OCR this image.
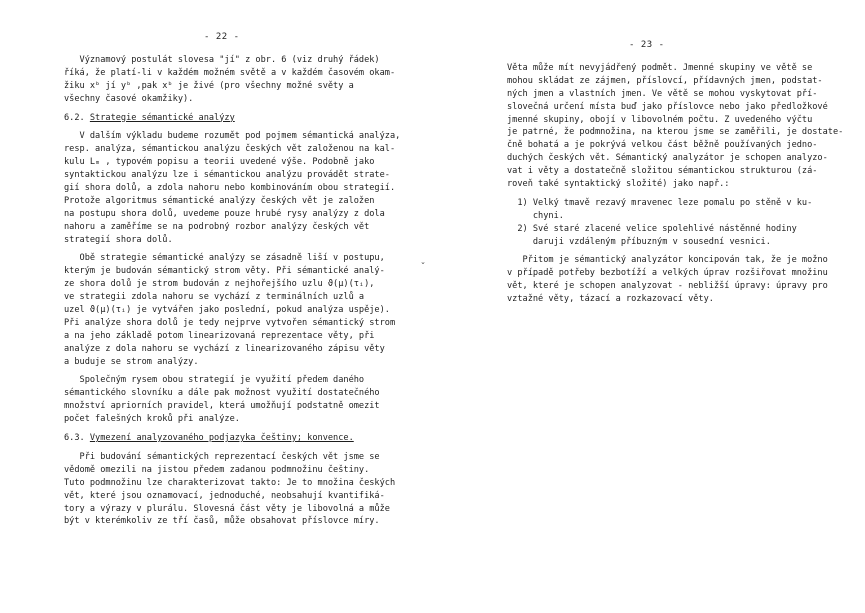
- 22 -
Významový postulát slovesa "jí" z obr. 6 (viz druhý řádek)
říká, že platí-li v každém možném světě a v každém časovém okam-
žiku xᵇ jí yᵇ ,pak xᵇ je živé (pro všechny možné světy a
všechny časové okamžiky).
6.2. Strategie sémantické analýzy
V dalším výkladu budeme rozumět pod pojmem sémantická analýza,
resp. analýza, sémantickou analýzu českých vět založenou na kal-
kulu Lₘ , typovém popisu a teorii uvedené výše. Podobně jako
syntaktickou analýzu lze i sémantickou analýzu provádět strate-
gií shora dolů, a zdola nahoru nebo kombinováním obou strategií.
Protože algoritmus sémantické analýzy českých vět je založen
na postupu shora dolů, uvedeme pouze hrubé rysy analýzy z dola
nahoru a zaměříme se na podrobný rozbor analýzy českých vět
strategií shora dolů.
Obě strategie sémantické analýzy se zásadně liší v postupu,
kterým je budován sémantický strom věty. Při sémantické analý-
ze shora dolů je strom budován z nejhořejšího uzlu ϑ(µ)(τᵢ),
ve strategii zdola nahoru se vychází z terminálních uzlů a
uzel ϑ(µ)(τᵢ) je vytvářen jako poslední, pokud analýza uspěje).
Při analýze shora dolů je tedy nejprve vytvořen sémantický strom
a na jeho základě potom linearizovaná reprezentace věty, při
analýze z dola nahoru se vychází z linearizovaného zápisu věty
a buduje se strom analýzy.
Společným rysem obou strategií je využití předem daného
sémantického slovníku a dále pak možnost využití dostatečného
množství apriorních pravidel, která umožňují podstatně omezit
počet falešných kroků při analýze.
6.3. Vymezení analyzovaného podjazyka češtiny; konvence.
Při budování sémantických reprezentací českých vět jsme se
vědomě omezili na jistou předem zadanou podmnožinu češtiny.
Tuto podmnožinu lze charakterizovat takto: Je to množina českých
vět, které jsou oznamovací, jednoduché, neobsahují kvantifiká-
tory a výrazy v plurálu. Slovesná část věty je libovolná a může
být v kterémkoliv ze tří časů, může obsahovat příslovce míry.
ˇ
- 23 -
Věta může mít nevyjádřený podmět. Jmenné skupiny ve větě se
mohou skládat ze zájmen, příslovcí, přídavných jmen, podstat-
ných jmen a vlastních jmen. Ve větě se mohou vyskytovat pří-
slovečná určení místa buď jako příslovce nebo jako předložkové
jmenné skupiny, obojí v libovolném počtu. Z uvedeného výčtu
je patrné, že podmnožina, na kterou jsme se zaměřili, je dostate-
čně bohatá a je pokrývá velkou část běžně používaných jedno-
duchých českých vět. Sémantický analyzátor je schopen analyzo-
vat i věty a dostatečně složitou sémantickou strukturou (zá-
roveň také syntaktický složité) jako např.:
1) Velký tmavě rezavý mravenec leze pomalu po stěně v ku-
chyni.
2) Své staré zlacené velice spolehlivé nástěnné hodiny
daruji vzdáleným příbuzným v sousední vesnici.
Přitom je sémantický analyzátor koncipován tak, že je možno
v případě potřeby bezbotíží a velkých úprav rozšiřovat množinu
vět, které je schopen analyzovat - nebližší úpravy: úpravy pro
vztažné věty, tázací a rozkazovací věty.
